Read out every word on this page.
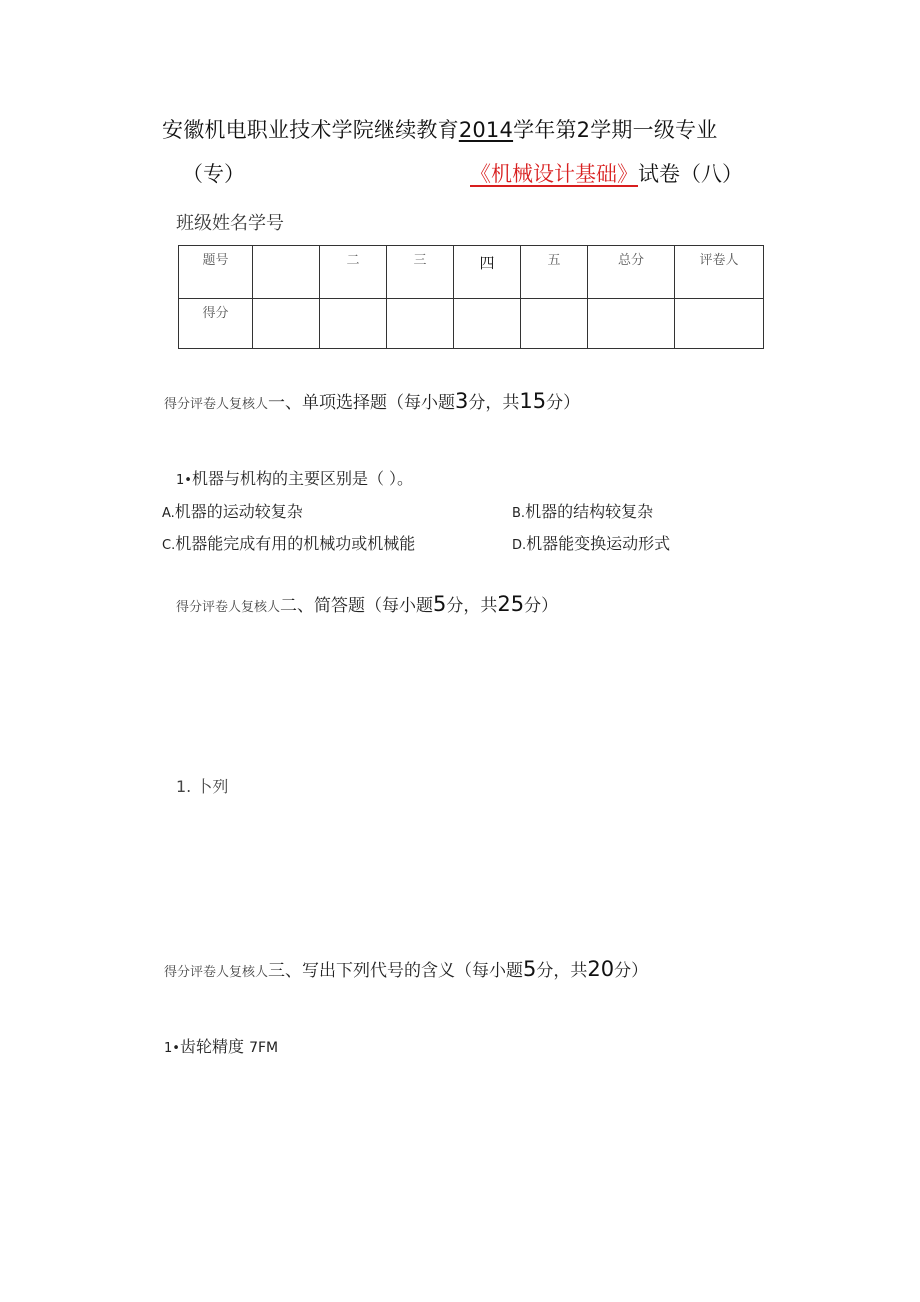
安徽机电职业技术学院继续教育2014学年第2学期一级专业
（专）	《机械设计基础》试卷（八）
班级姓名学号
题号		二	三	四	五	总分	评卷人
得分							
得分评卷人复核人一、单项选择题（每小题3分，共15分）
1•机器与机构的主要区别是（ ）。
A.机器的运动较复杂	B.机器的结构较复杂
C.机器能完成有用的机械功或机械能	D.机器能变换运动形式
得分评卷人复核人二、简答题（每小题5分，共25分）
1. 卜列
得分评卷人复核人三、写出下列代号的含义（每小题5分，共20分）
1•齿轮精度 7FM
